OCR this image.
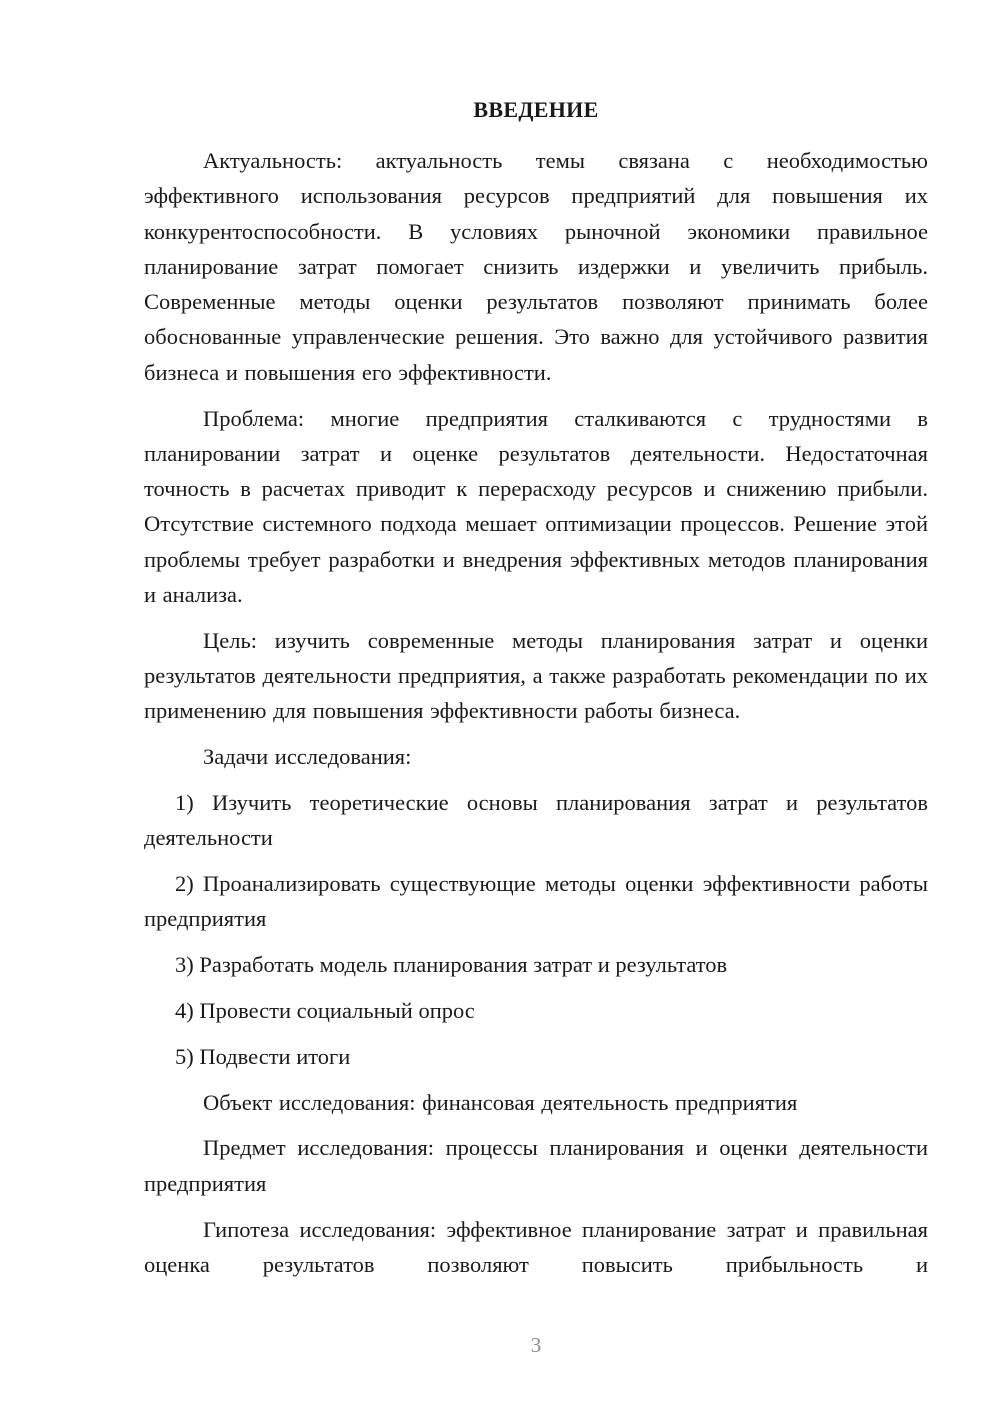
ВВЕДЕНИЕ

Актуальность: актуальность темы связана с необходимостью эффективного использования ресурсов предприятий для повышения их конкурентоспособности. В условиях рыночной экономики правильное планирование затрат помогает снизить издержки и увеличить прибыль. Современные методы оценки результатов позволяют принимать более обоснованные управленческие решения. Это важно для устойчивого развития бизнеса и повышения его эффективности.

Проблема: многие предприятия сталкиваются с трудностями в планировании затрат и оценке результатов деятельности. Недостаточная точность в расчетах приводит к перерасходу ресурсов и снижению прибыли. Отсутствие системного подхода мешает оптимизации процессов. Решение этой проблемы требует разработки и внедрения эффективных методов планирования и анализа.

Цель: изучить современные методы планирования затрат и оценки результатов деятельности предприятия, а также разработать рекомендации по их применению для повышения эффективности работы бизнеса.

Задачи исследования:

1) Изучить теоретические основы планирования затрат и результатов деятельности

2) Проанализировать существующие методы оценки эффективности работы предприятия

3) Разработать модель планирования затрат и результатов

4) Провести социальный опрос

5) Подвести итоги

Объект исследования: финансовая деятельность предприятия

Предмет исследования: процессы планирования и оценки деятельности предприятия

Гипотеза исследования: эффективное планирование затрат и правильная оценка результатов позволяют повысить прибыльность и

3
